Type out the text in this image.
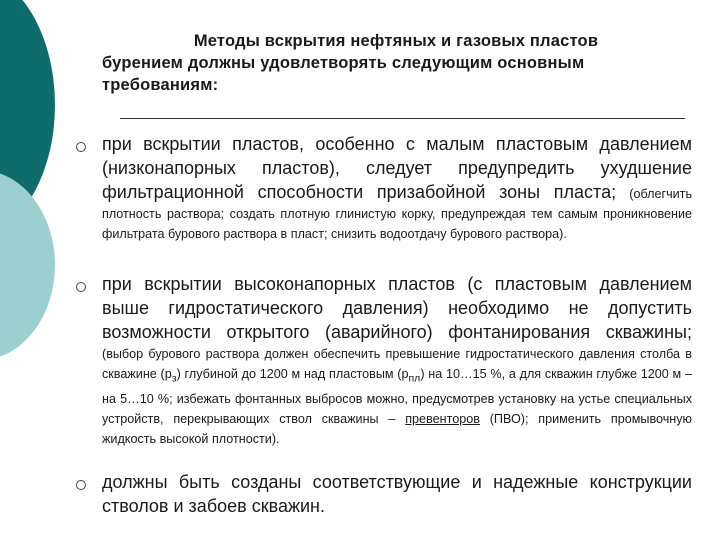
Методы вскрытия нефтяных и газовых пластов
бурением должны удовлетворять следующим основным требованиям:
при вскрытии пластов, особенно с малым пластовым давлением (низконапорных пластов), следует предупредить ухудшение фильтрационной способности призабойной зоны пласта; (облегчить плотность раствора; создать плотную глинистую корку, предупреждая тем самым проникновение фильтрата бурового раствора в пласт; снизить водоотдачу бурового раствора).
при вскрытии высоконапорных пластов (с пластовым давлением выше гидростатического давления) необходимо не допустить возможности открытого (аварийного) фонтанирования скважины; (выбор бурового раствора должен обеспечить превышение гидростатического давления столба в скважине $(р_з)$ глубиной до 1200 м над пластовым $(р_{пл})$ на 10…15 %, а для скважин глубже 1200 м – на 5…10 %; избежать фонтанных выбросов можно, предусмотрев установку на устье специальных устройств, перекрывающих ствол скважины – превенторов (ПВО); применить промывочную жидкость высокой плотности).
должны быть созданы соответствующие и надежные конструкции стволов и забоев скважин.
